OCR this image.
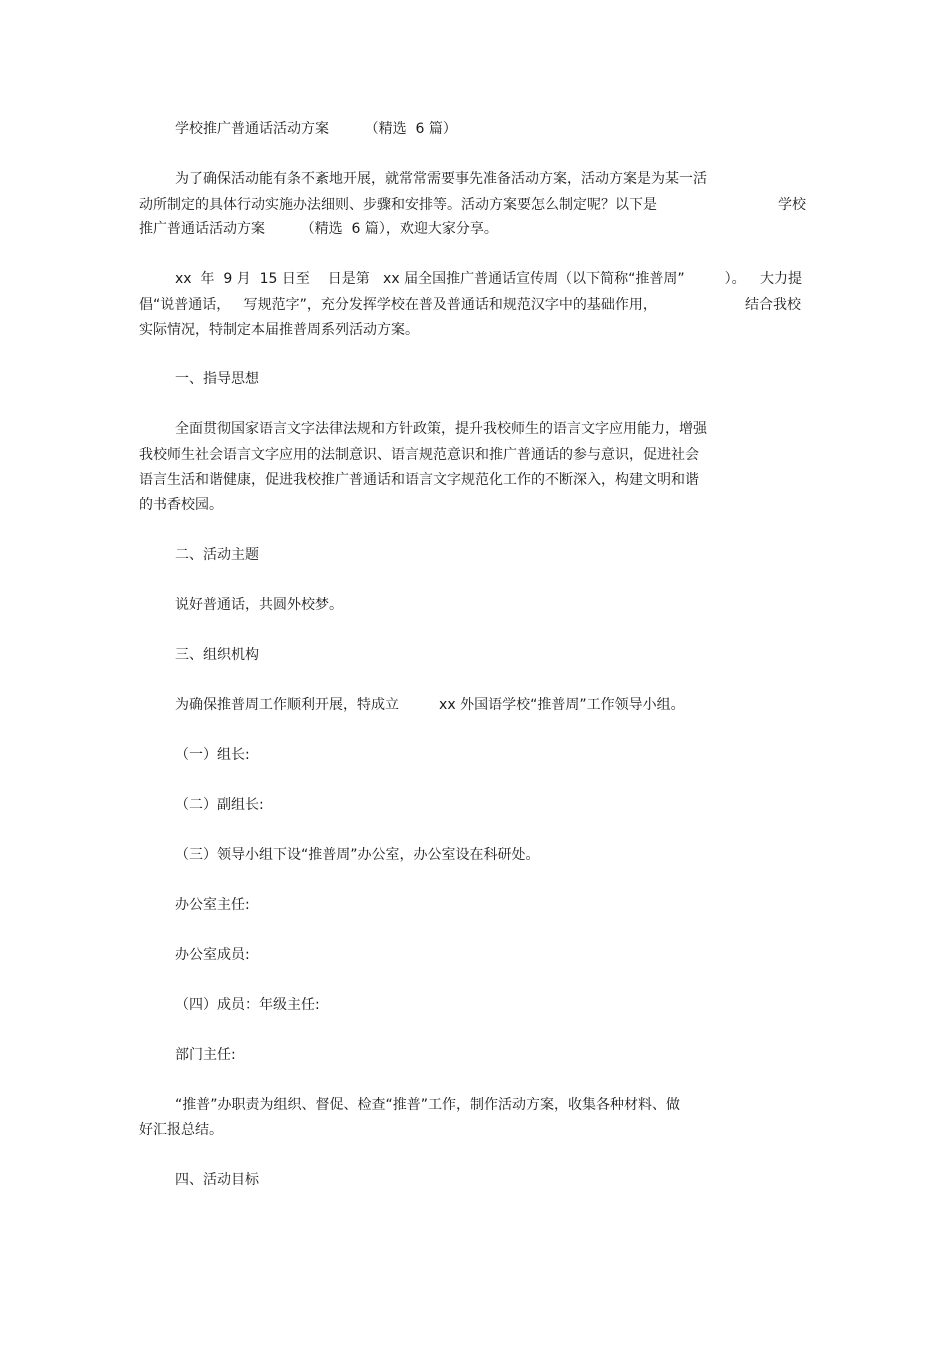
学校推广普通话活动方案        （精选  6 篇）
为了确保活动能有条不紊地开展，就常常需要事先准备活动方案，活动方案是为某一活
动所制定的具体行动实施办法细则、步骤和安排等。活动方案要怎么制定呢？以下是	学校
推广普通话活动方案        （精选  6 篇），欢迎大家分享。
xx  年  9 月  15 日至    日是第   xx 届全国推广普通话宣传周（以下简称“推普周”         ）。 大力提
倡“说普通话，   写规范字”，充分发挥学校在普及普通话和规范汉字中的基础作用，	结合我校
实际情况，特制定本届推普周系列活动方案。
一、指导思想
全面贯彻国家语言文字法律法规和方针政策，提升我校师生的语言文字应用能力，增强
我校师生社会语言文字应用的法制意识、语言规范意识和推广普通话的参与意识，促进社会
语言生活和谐健康，促进我校推广普通话和语言文字规范化工作的不断深入，构建文明和谐
的书香校园。
二、活动主题
说好普通话，共圆外校梦。
三、组织机构
为确保推普周工作顺利开展，特成立         xx 外国语学校“推普周”工作领导小组。
（一）组长:
（二）副组长:
（三）领导小组下设“推普周”办公室，办公室设在科研处。
办公室主任:
办公室成员:
（四）成员：年级主任:
部门主任:
“推普”办职责为组织、督促、检查“推普”工作，制作活动方案，收集各种材料、做
好汇报总结。
四、活动目标
